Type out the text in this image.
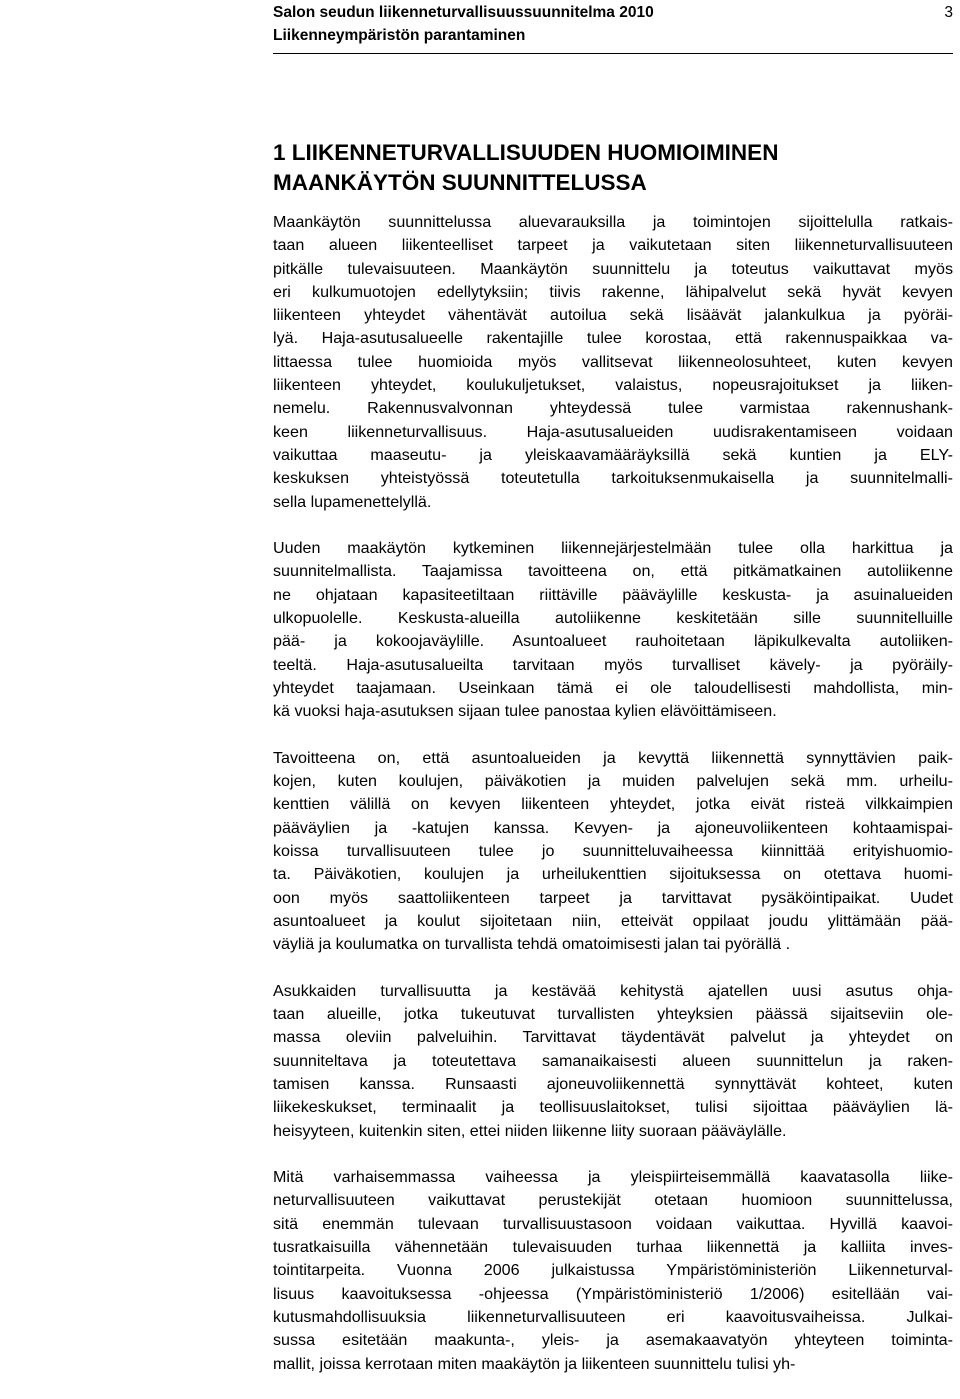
Salon seudun liikenneturvallisuussuunnitelma 2010
Liikenneympäristön parantaminen
3
1 LIIKENNETURVALLISUUDEN HUOMIOIMINEN
MAANKÄYTÖN SUUNNITTELUSSA
Maankäytön suunnittelussa aluevarauksilla ja toimintojen sijoittelulla ratkais-
taan alueen liikenteelliset tarpeet ja vaikutetaan siten liikenneturvallisuuteen
pitkälle tulevaisuuteen. Maankäytön suunnittelu ja toteutus vaikuttavat myös
eri kulkumuotojen edellytyksiin; tiivis rakenne, lähipalvelut sekä hyvät kevyen
liikenteen yhteydet vähentävät autoilua sekä lisäävät jalankulkua ja pyöräi-
lyä. Haja-asutusalueelle rakentajille tulee korostaa, että rakennuspaikkaa va-
littaessa tulee huomioida myös vallitsevat liikenneolosuhteet, kuten kevyen
liikenteen yhteydet, koulukuljetukset, valaistus, nopeusrajoitukset ja liiken-
nemelu. Rakennusvalvonnan yhteydessä tulee varmistaa rakennushank-
keen liikenneturvallisuus. Haja-asutusalueiden uudisrakentamiseen voidaan
vaikuttaa maaseutu- ja yleiskaavamääräyksillä sekä kuntien ja ELY-
keskuksen yhteistyössä toteutetulla tarkoituksenmukaisella ja suunnitelmalli-
sella lupamenettelyllä.
Uuden maakäytön kytkeminen liikennejärjestelmään tulee olla harkittua ja
suunnitelmallista. Taajamissa tavoitteena on, että pitkämatkainen autoliikenne
ne ohjataan kapasiteetiltaan riittäville pääväylille keskusta- ja asuinalueiden
ulkopuolelle. Keskusta-alueilla autoliikenne keskitetään sille suunnitelluille
pää- ja kokoojaväylille. Asuntoalueet rauhoitetaan läpikulkevalta autoliiken-
teeltä. Haja-asutusalueilta tarvitaan myös turvalliset kävely- ja pyöräily-
yhteydet taajamaan. Useinkaan tämä ei ole taloudellisesti mahdollista, min-
kä vuoksi haja-asutuksen sijaan tulee panostaa kylien elävöittämiseen.
Tavoitteena on, että asuntoalueiden ja kevyttä liikennettä synnyttävien paik-
kojen, kuten koulujen, päiväkotien ja muiden palvelujen sekä mm. urheilu-
kenttien välillä on kevyen liikenteen yhteydet, jotka eivät risteä vilkkaimpien
pääväylien ja -katujen kanssa. Kevyen- ja ajoneuvoliikenteen kohtaamispai-
koissa turvallisuuteen tulee jo suunnitteluvaiheessa kiinnittää erityishuomio-
ta. Päiväkotien, koulujen ja urheilukenttien sijoituksessa on otettava huomi-
oon myös saattoliikenteen tarpeet ja tarvittavat pysäköintipaikat. Uudet
asuntoalueet ja koulut sijoitetaan niin, etteivät oppilaat joudu ylittämään pää-
väyliä ja koulumatka on turvallista tehdä omatoimisesti jalan tai pyörällä .
Asukkaiden turvallisuutta ja kestävää kehitystä ajatellen uusi asutus ohja-
taan alueille, jotka tukeutuvat turvallisten yhteyksien päässä sijaitseviin ole-
massa oleviin palveluihin. Tarvittavat täydentävät palvelut ja yhteydet on
suunniteltava ja toteutettava samanaikaisesti alueen suunnittelun ja raken-
tamisen kanssa. Runsaasti ajoneuvoliikennettä synnyttävät kohteet, kuten
liikekeskukset, terminaalit ja teollisuuslaitokset, tulisi sijoittaa pääväylien lä-
heisyyteen, kuitenkin siten, ettei niiden liikenne liity suoraan pääväylälle.
Mitä varhaisemmassa vaiheessa ja yleispiirteisemmällä kaavatasolla liike-
neturvallisuuteen vaikuttavat perustekijät otetaan huomioon suunnittelussa,
sitä enemmän tulevaan turvallisuustasoon voidaan vaikuttaa. Hyvillä kaavoi-
tusratkaisuilla vähennetään tulevaisuuden turhaa liikennettä ja kalliita inves-
tointitarpeita. Vuonna 2006 julkaistussa Ympäristöministeriön Liikenneturval-
lisuus kaavoituksessa -ohjeessa (Ympäristöministeriö 1/2006) esitellään vai-
kutusmahdollisuuksia liikenneturvallisuuteen eri kaavoitusvaiheissa. Julkai-
sussa esitetään maakunta-, yleis- ja asemakaavatyön yhteyteen toiminta-
mallit, joissa kerrotaan miten maakäytön ja liikenteen suunnittelu tulisi yh-
